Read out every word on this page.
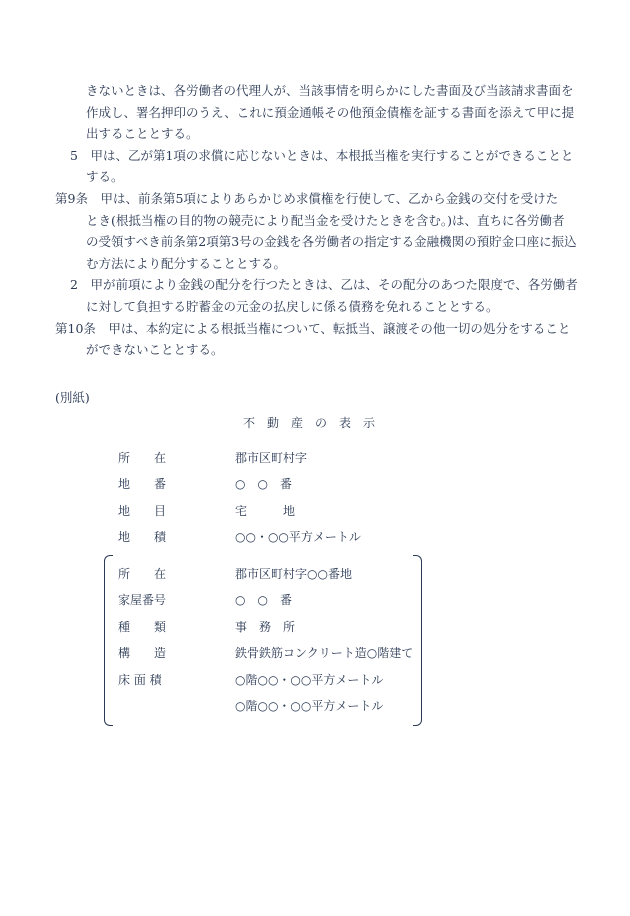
きないときは、各労働者の代理人が、当該事情を明らかにした書面及び当該請求書面を
作成し、署名押印のうえ、これに預金通帳その他預金債権を証する書面を添えて甲に提
出することとする。
5　甲は、乙が第1項の求償に応じないときは、本根抵当権を実行することができることと
する。
第9条　甲は、前条第5項によりあらかじめ求償権を行使して、乙から金銭の交付を受けた
とき(根抵当権の目的物の競売により配当金を受けたときを含む。)は、直ちに各労働者
の受領すべき前条第2項第3号の金銭を各労働者の指定する金融機関の預貯金口座に振込
む方法により配分することとする。
2　甲が前項により金銭の配分を行つたときは、乙は、その配分のあつた限度で、各労働者
に対して負担する貯蓄金の元金の払戻しに係る債務を免れることとする。
第10条　甲は、本約定による根抵当権について、転抵当、譲渡その他一切の処分をすること
ができないこととする。
(別紙)
不　動　産　の　表　示
所　　在	郡市区町村字
地　　番	○　○　番
地　　目	宅　　　地
地　　積	○○・○○平方メートル
所　　在	郡市区町村字○○番地
家屋番号	○　○　番
種　　類	事　務　所
構　　造	鉄骨鉄筋コンクリート造○階建て
床 面 積	○階○○・○○平方メートル
○階○○・○○平方メートル
